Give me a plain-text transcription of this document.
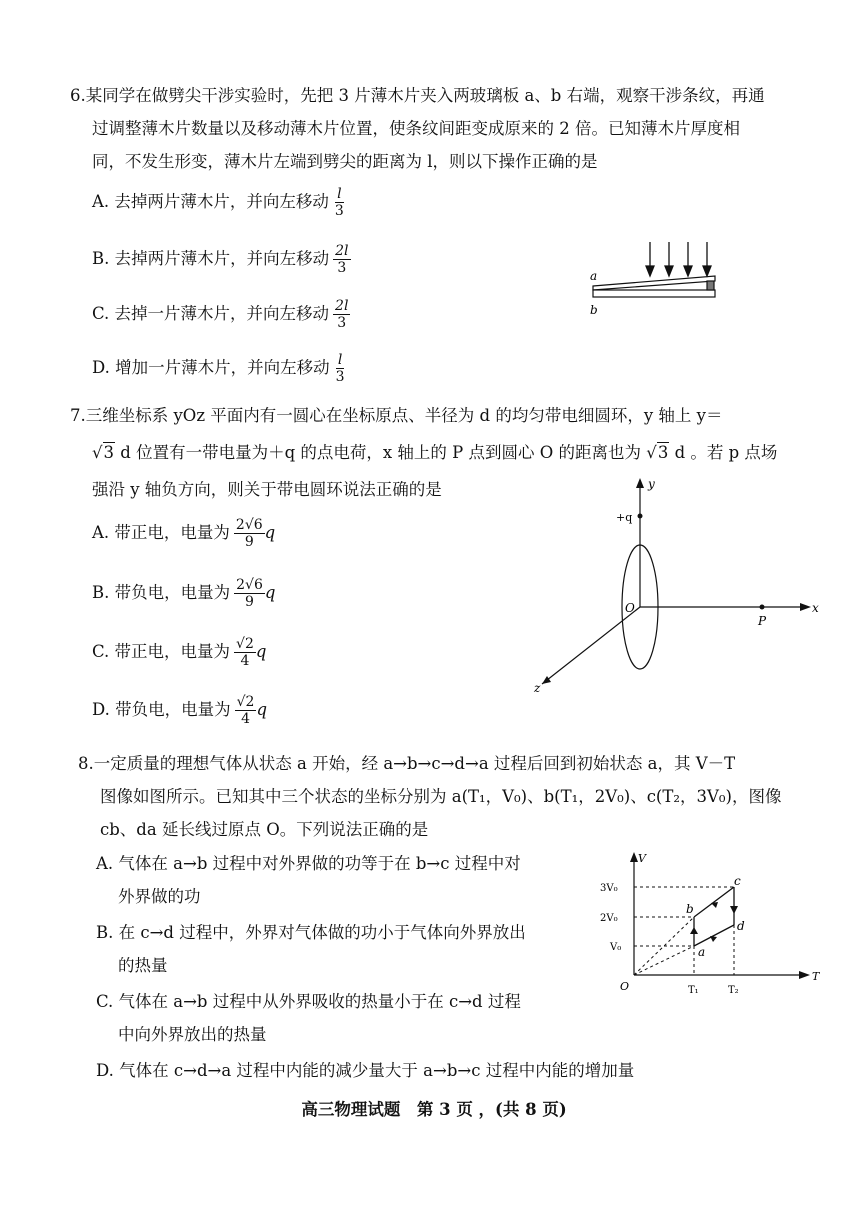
6.某同学在做劈尖干涉实验时，先把 3 片薄木片夹入两玻璃板 a、b 右端，观察干涉条纹，再通
过调整薄木片数量以及移动薄木片位置，使条纹间距变成原来的 2 倍。已知薄木片厚度相
同，不发生形变，薄木片左端到劈尖的距离为 l，则以下操作正确的是
A. 去掉两片薄木片，并向左移动 $\frac{l}{3}$
B. 去掉两片薄木片，并向左移动 $\frac{2l}{3}$
C. 去掉一片薄木片，并向左移动 $\frac{2l}{3}$
D. 增加一片薄木片，并向左移动 $\frac{l}{3}$
a
b
7.三维坐标系 yOz 平面内有一圆心在坐标原点、半径为 d 的均匀带电细圆环，y 轴上 y＝
√3 d 位置有一带电量为＋q 的点电荷，x 轴上的 P 点到圆心 O 的距离也为 √3 d 。若 p 点场
强沿 y 轴负方向，则关于带电圆环说法正确的是
A. 带正电，电量为 $\frac{2√6}{9}$ q
B. 带负电，电量为 $\frac{2√6}{9}$ q
C. 带正电，电量为 $\frac{√2}{4}$ q
D. 带负电，电量为 $\frac{√2}{4}$ q
y
+q
O
P
x
z
8.一定质量的理想气体从状态 a 开始，经 a→b→c→d→a 过程后回到初始状态 a，其 V－T
图像如图所示。已知其中三个状态的坐标分别为 a(T₁，V₀)、b(T₁，2V₀)、c(T₂，3V₀)，图像
cb、da 延长线过原点 O。下列说法正确的是
A. 气体在 a→b 过程中对外界做的功等于在 b→c 过程中对
外界做的功
B. 在 c→d 过程中，外界对气体做的功小于气体向外界放出
的热量
C. 气体在 a→b 过程中从外界吸收的热量小于在 c→d 过程
中向外界放出的热量
D. 气体在 c→d→a 过程中内能的减少量大于 a→b→c 过程中内能的增加量
V
T
O
3V₀
2V₀
V₀
T₁	T₂
a
b
c
d
高三物理试题　第 3 页 ，(共 8 页)
